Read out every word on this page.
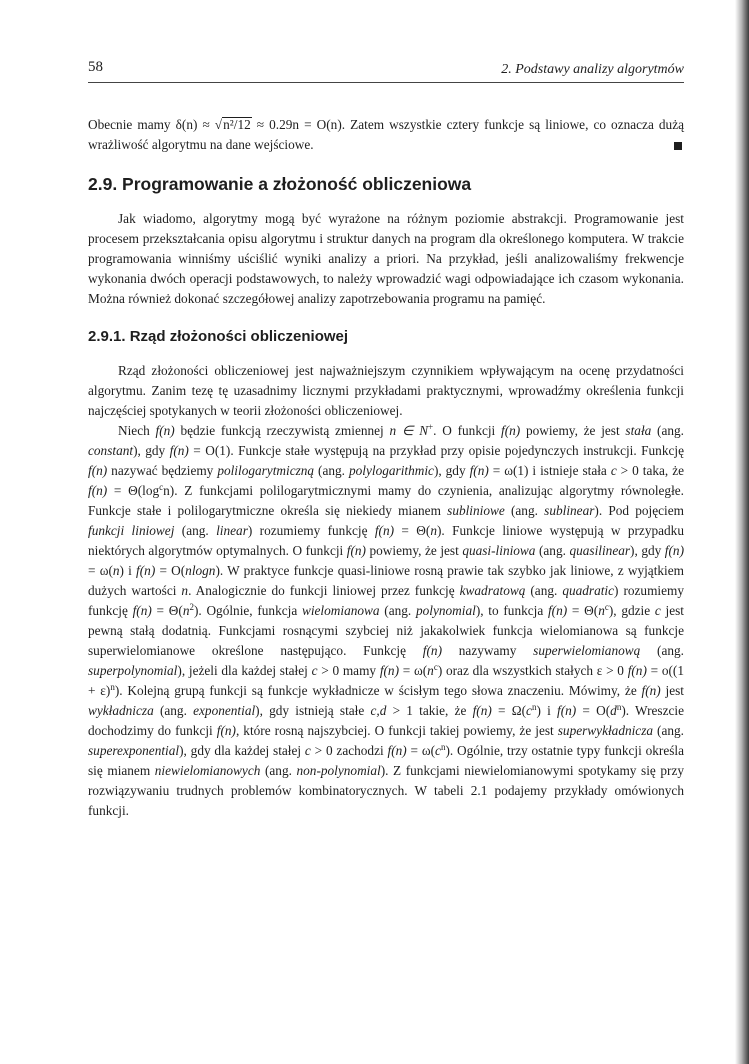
58	2. Podstawy analizy algorytmów

Obecnie mamy δ(n) ≈ √n²/12 ≈ 0.29n = O(n). Zatem wszystkie cztery funkcje są liniowe, co oznacza dużą wrażliwość algorytmu na dane wejściowe.

2.9. Programowanie a złożoność obliczeniowa

Jak wiadomo, algorytmy mogą być wyrażone na różnym poziomie abstrakcji. Programowanie jest procesem przekształcania opisu algorytmu i struktur danych na program dla określonego komputera. W trakcie programowania winniśmy uściślić wyniki analizy a priori. Na przykład, jeśli analizowaliśmy frekwencje wykonania dwóch operacji podstawowych, to należy wprowadzić wagi odpowiadające ich czasom wykonania. Można również dokonać szczegółowej analizy zapotrzebowania programu na pamięć.

2.9.1. Rząd złożoności obliczeniowej

Rząd złożoności obliczeniowej jest najważniejszym czynnikiem wpływającym na ocenę przydatności algorytmu. Zanim tezę tę uzasadnimy licznymi przykładami praktycznymi, wprowadźmy określenia funkcji najczęściej spotykanych w teorii złożoności obliczeniowej.

Niech f(n) będzie funkcją rzeczywistą zmiennej n ∈ N+. O funkcji f(n) powiemy, że jest stała (ang. constant), gdy f(n) = O(1). Funkcje stałe występują na przykład przy opisie pojedynczych instrukcji. Funkcję f(n) nazywać będziemy polilogarytmiczną (ang. polylogarithmic), gdy f(n) = ω(1) i istnieje stała c > 0 taka, że $f(n) = \Theta(\log^cn)$. Z funkcjami polilogarytmicznymi mamy do czynienia, analizując algorytmy równoległe. Funkcje stałe i polilogarytmiczne określa się niekiedy mianem subliniowe (ang. sublinear). Pod pojęciem funkcji liniowej (ang. linear) rozumiemy funkcję f(n) = Θ(n). Funkcje liniowe występują w przypadku niektórych algorytmów optymalnych. O funkcji f(n) powiemy, że jest quasi-liniowa (ang. quasilinear), gdy f(n) = ω(n) i f(n) = O(nlogn). W praktyce funkcje quasi-liniowe rosną prawie tak szybko jak liniowe, z wyjątkiem dużych wartości n. Analogicznie do funkcji liniowej przez funkcję kwadratową (ang. quadratic) rozumiemy funkcję $f(n) = \Theta(n^2)$. Ogólnie, funkcja wielomianowa (ang. polynomial), to funkcja $f(n) = \Theta(n^c)$, gdzie c jest pewną stałą dodatnią. Funkcjami rosnącymi szybciej niż jakakolwiek funkcja wielomianowa są funkcje superwielomianowe określone następująco. Funkcję f(n) nazywamy superwielomianową (ang. superpolynomial), jeżeli dla każdej stałej c > 0 mamy $f(n) = \omega(n^c)$ oraz dla wszystkich stałych ε > 0 $f(n) = o((1 + \varepsilon)^n)$. Kolejną grupą funkcji są funkcje wykładnicze w ścisłym tego słowa znaczeniu. Mówimy, że f(n) jest wykładnicza (ang. exponential), gdy istnieją stałe c,d > 1 takie, że $f(n) = \Omega(c^n)$ i $f(n) = O(d^n)$. Wreszcie dochodzimy do funkcji f(n), które rosną najszybciej. O funkcji takiej powiemy, że jest superwykładnicza (ang. superexponential), gdy dla każdej stałej c > 0 zachodzi $f(n) = \omega(c^n)$. Ogólnie, trzy ostatnie typy funkcji określa się mianem niewielomianowych (ang. non-polynomial). Z funkcjami niewielomianowymi spotykamy się przy rozwiązywaniu trudnych problemów kombinatorycznych. W tabeli 2.1 podajemy przykłady omówionych funkcji.
